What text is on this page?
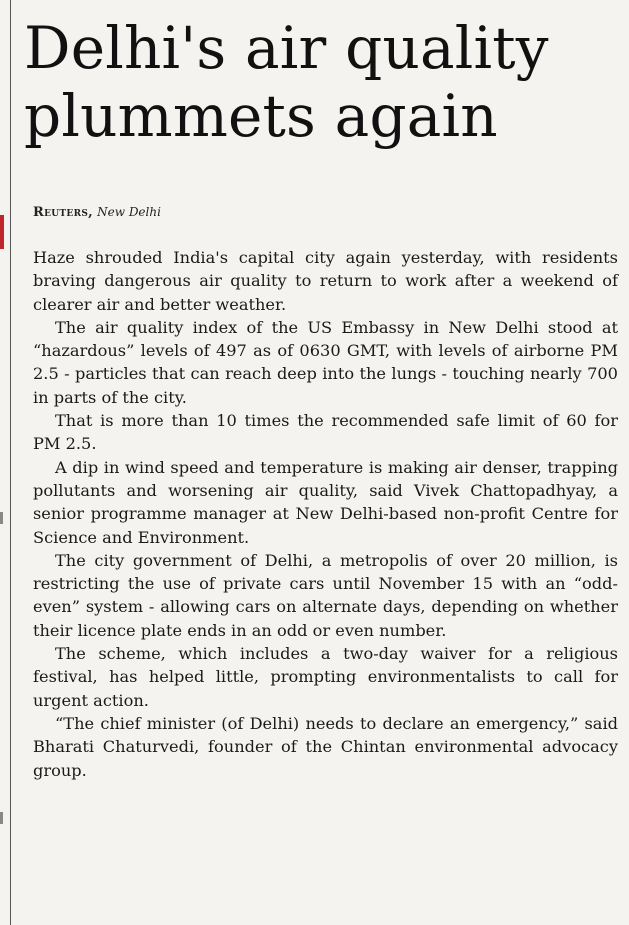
Delhi's air quality plummets again
Reuters, New Delhi

Haze shrouded India's capital city again yesterday, with residents braving dangerous air quality to return to work after a weekend of clearer air and better weather.

The air quality index of the US Embassy in New Delhi stood at “hazardous” levels of 497 as of 0630 GMT, with levels of airborne PM 2.5 - particles that can reach deep into the lungs - touching nearly 700 in parts of the city.

That is more than 10 times the recommended safe limit of 60 for PM 2.5.

A dip in wind speed and temperature is making air denser, trapping pollutants and worsening air quality, said Vivek Chattopadhyay, a senior programme manager at New Delhi-based non-profit Centre for Science and Environment.

The city government of Delhi, a metropolis of over 20 million, is restricting the use of private cars until November 15 with an “odd-even” system - allowing cars on alternate days, depending on whether their licence plate ends in an odd or even number.

The scheme, which includes a two-day waiver for a religious festival, has helped little, prompting environmentalists to call for urgent action.

“The chief minister (of Delhi) needs to declare an emergency,” said Bharati Chaturvedi, founder of the Chintan environmental advocacy group.
